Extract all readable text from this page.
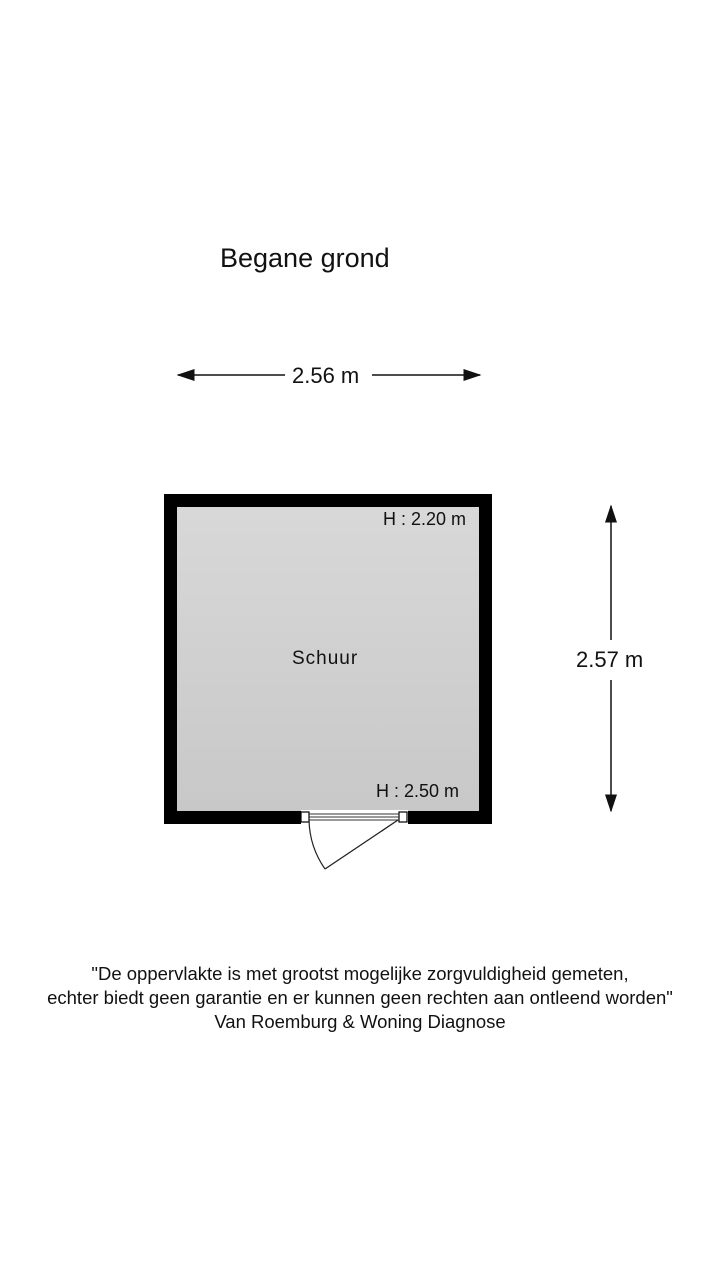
Begane grond
2.56 m
2.57 m
Schuur
H : 2.20 m
H : 2.50 m
"De oppervlakte is met grootst mogelijke zorgvuldigheid gemeten,
echter biedt geen garantie en er kunnen geen rechten aan ontleend worden"
Van Roemburg & Woning Diagnose
